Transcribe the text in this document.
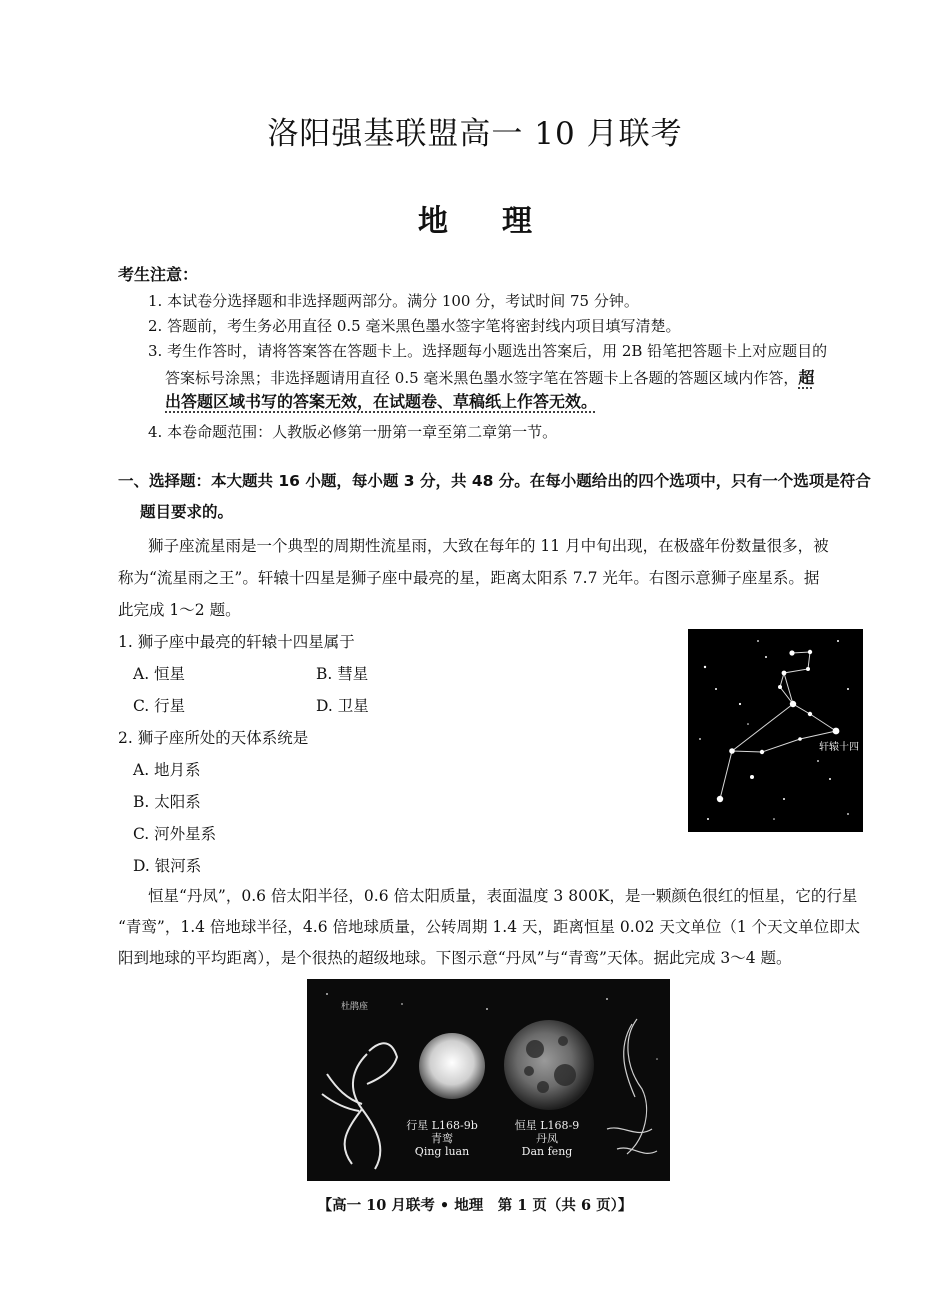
洛阳强基联盟高一 10 月联考
地理
考生注意：
1. 本试卷分选择题和非选择题两部分。满分 100 分，考试时间 75 分钟。
2. 答题前，考生务必用直径 0.5 毫米黑色墨水签字笔将密封线内项目填写清楚。
3. 考生作答时，请将答案答在答题卡上。选择题每小题选出答案后，用 2B 铅笔把答题卡上对应题目的
答案标号涂黑；非选择题请用直径 0.5 毫米黑色墨水签字笔在答题卡上各题的答题区域内作答，超
出答题区域书写的答案无效，在试题卷、草稿纸上作答无效。
4. 本卷命题范围：人教版必修第一册第一章至第二章第一节。
一、选择题：本大题共 16 小题，每小题 3 分，共 48 分。在每小题给出的四个选项中，只有一个选项是符合
题目要求的。
狮子座流星雨是一个典型的周期性流星雨，大致在每年的 11 月中旬出现，在极盛年份数量很多，被
称为“流星雨之王”。轩辕十四星是狮子座中最亮的星，距离太阳系 7.7 光年。右图示意狮子座星系。据
此完成 1～2 题。
1. 狮子座中最亮的轩辕十四星属于
A. 恒星	B. 彗星
C. 行星	D. 卫星
2. 狮子座所处的天体系统是
A. 地月系
B. 太阳系
C. 河外星系
D. 银河系
轩辕十四
恒星“丹凤”，0.6 倍太阳半径，0.6 倍太阳质量，表面温度 3 800K，是一颗颜色很红的恒星，它的行星
“青鸾”，1.4 倍地球半径，4.6 倍地球质量，公转周期 1.4 天，距离恒星 0.02 天文单位（1 个天文单位即太
阳到地球的平均距离），是个很热的超级地球。下图示意“丹凤”与“青鸾”天体。据此完成 3～4 题。
杜鹃座
行星 L168-9b
青鸾
Qing luan
恒星 L168-9
丹凤
Dan feng
【高一 10 月联考 • 地理　第 1 页（共 6 页）】
